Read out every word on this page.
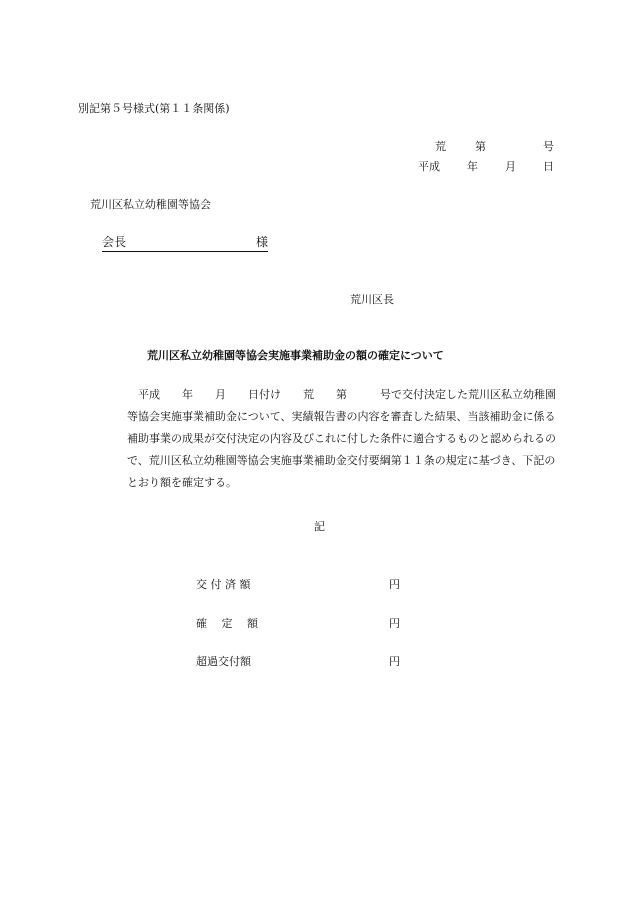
別記第５号様式(第１１条関係)
荒	第	号
平成 年 月 日
荒川区私立幼稚園等協会
会長	様
荒川区長
荒川区私立幼稚園等協会実施事業補助金の額の確定について
平成　　年　　月　　日付け　　荒　　第　　　号で交付決定した荒川区私立幼稚園等協会実施事業補助金について、実績報告書の内容を審査した結果、当該補助金に係る補助事業の成果が交付決定の内容及びこれに付した条件に適合するものと認められるので、荒川区私立幼稚園等協会実施事業補助金交付要綱第１１条の規定に基づき、下記のとおり額を確定する。
記
交 付 済 額	円
確　 定　 額	円
超過交付額	円
